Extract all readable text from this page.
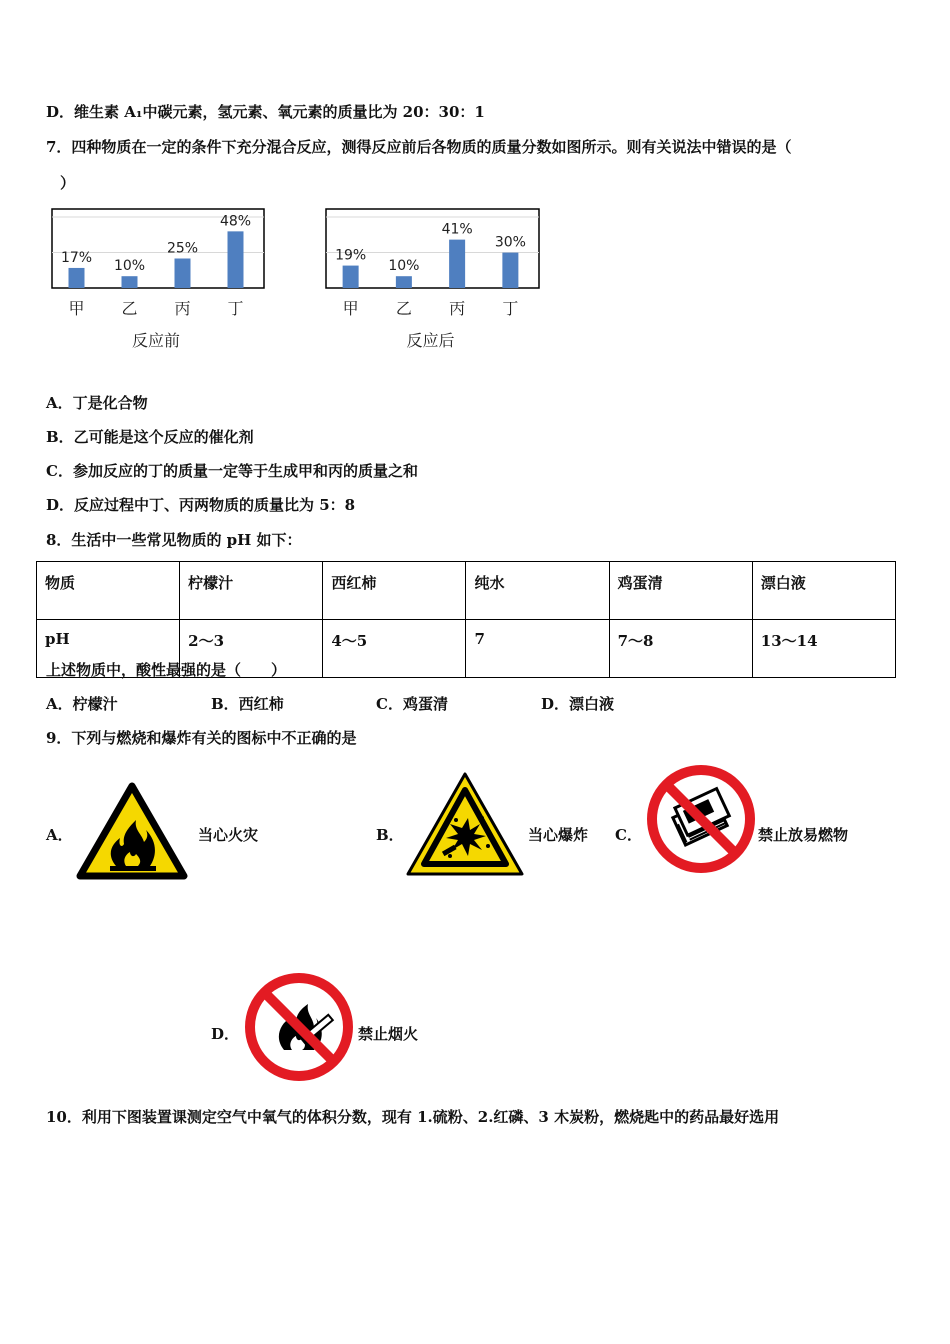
D．维生素 A₁中碳元素，氢元素、氧元素的质量比为 20：30：1
7．四种物质在一定的条件下充分混合反应，测得反应前后各物质的质量分数如图所示。则有关说法中错误的是（
）
17%
甲
10%
乙
25%
丙
48%
丁
反应前
19%
甲
10%
乙
41%
丙
30%
丁
反应后
A．丁是化合物
B．乙可能是这个反应的催化剂
C．参加反应的丁的质量一定等于生成甲和丙的质量之和
D．反应过程中丁、丙两物质的质量比为 5：8
8．生活中一些常见物质的 pH 如下：
物质	柠檬汁	西红柿	纯水	鸡蛋清	漂白液
pH	2～3	4～5	7	7～8	13～14
上述物质中，酸性最强的是（　　）
A．柠檬汁	B．西红柿	C．鸡蛋清	D．漂白液
9．下列与燃烧和爆炸有关的图标中不正确的是
A．	当心火灾	B．	当心爆炸 C．	禁止放易燃物
D．	禁止烟火
10．利用下图装置课测定空气中氧气的体积分数，现有 1.硫粉、2.红磷、3 木炭粉，燃烧匙中的药品最好选用
